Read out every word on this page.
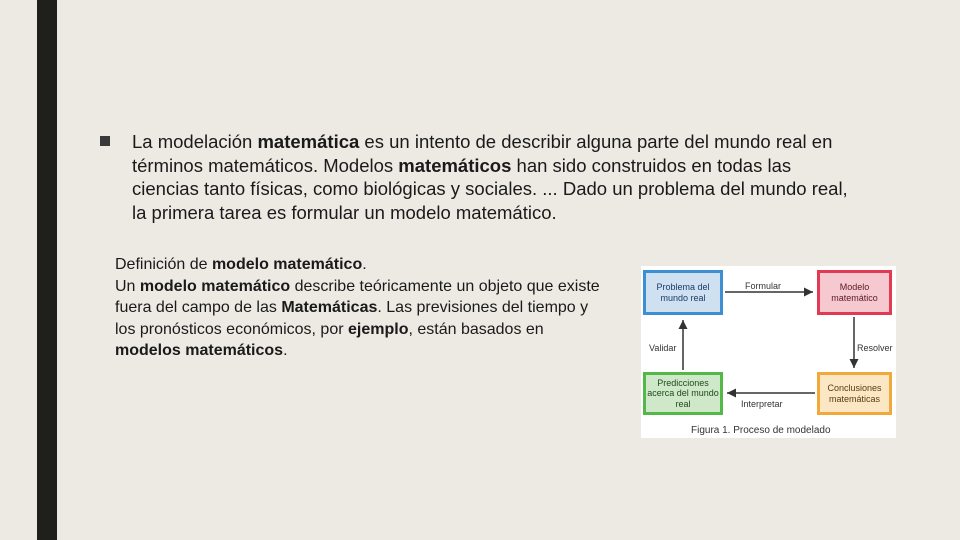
La modelación matemática es un intento de describir alguna parte del mundo real en términos matemáticos. Modelos matemáticos han sido construidos en todas las ciencias tanto físicas, como biológicas y sociales. ... Dado un problema del mundo real, la primera tarea es formular un modelo matemático.

Definición de modelo matemático.

Un modelo matemático describe teóricamente un objeto que existe fuera del campo de las Matemáticas. Las previsiones del tiempo y los pronósticos económicos, por ejemplo, están basados en modelos matemáticos.

Problema del mundo real
Modelo matemático
Predicciones acerca del mundo real
Conclusiones matemáticas
Formular
Resolver
Interpretar
Validar
Figura 1. Proceso de modelado
